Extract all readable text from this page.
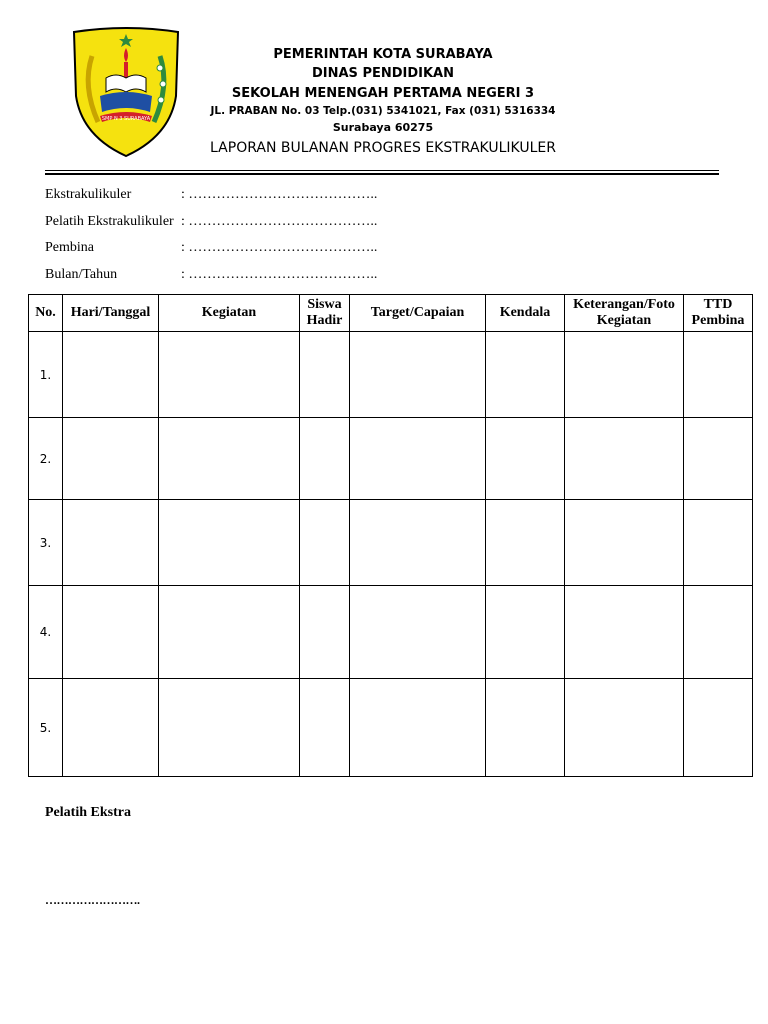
SMP N 3 SURABAYA
PEMERINTAH KOTA SURABAYA
DINAS PENDIDIKAN
SEKOLAH MENENGAH PERTAMA NEGERI 3
JL. PRABAN No. 03 Telp.(031) 5341021, Fax (031) 5316334
Surabaya 60275
LAPORAN BULANAN PROGRES EKSTRAKULIKULER
Ekstrakulikuler	: …………………………………..
Pelatih Ekstrakulikuler : …………………………………..
Pembina	: …………………………………..
Bulan/Tahun	: …………………………………..
No.	Hari/Tanggal	Kegiatan	Siswa Hadir	Target/Capaian	Kendala	Keterangan/Foto Kegiatan	TTD Pembina
1.							
2.							
3.							
4.							
5.							
Pelatih Ekstra
…………………….
